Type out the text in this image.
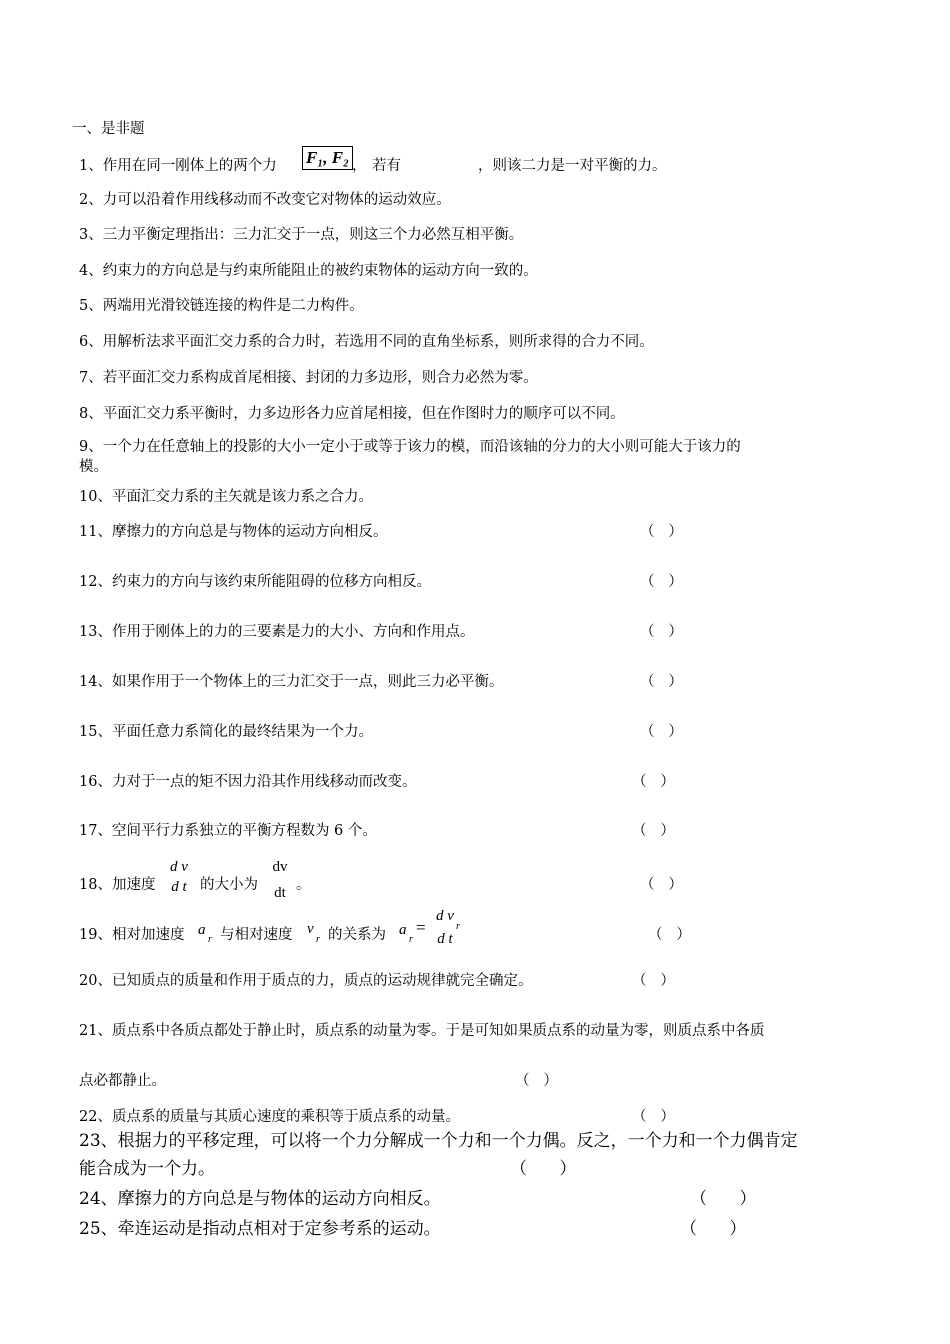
一、是非题
1、作用在同一刚体上的两个力 F₁, F₂ ， 若有	，则该二力是一对平衡的力。
2、力可以沿着作用线移动而不改变它对物体的运动效应。
3、三力平衡定理指出：三力汇交于一点，则这三个力必然互相平衡。
4、约束力的方向总是与约束所能阻止的被约束物体的运动方向一致的。
5、两端用光滑铰链连接的构件是二力构件。
6、用解析法求平面汇交力系的合力时，若选用不同的直角坐标系，则所求得的合力不同。
7、若平面汇交力系构成首尾相接、封闭的力多边形，则合力必然为零。
8、平面汇交力系平衡时，力多边形各力应首尾相接，但在作图时力的顺序可以不同。
9、一个力在任意轴上的投影的大小一定小于或等于该力的模，而沿该轴的分力的大小则可能大于该力的
模。
10、平面汇交力系的主矢就是该力系之合力。
11、摩擦力的方向总是与物体的运动方向相反。	（   ）
12、约束力的方向与该约束所能阻碍的位移方向相反。	（   ）
13、作用于刚体上的力的三要素是力的大小、方向和作用点。	（   ）
14、如果作用于一个物体上的三力汇交于一点，则此三力必平衡。	（   ）
15、平面任意力系简化的最终结果为一个力。	（   ）
16、力对于一点的矩不因力沿其作用线移动而改变。	（   ）
17、空间平行力系独立的平衡方程数为 6 个。	（   ）
18、加速度
d v
d t 的大小为
dv
dt 。	（   ）
19、相对加速度 a
r 与相对速度 v
r 的关系为 a
r
=
d v
d t
r
（   ）
20、已知质点的质量和作用于质点的力，质点的运动规律就完全确定。	（   ）
21、质点系中各质点都处于静止时，质点系的动量为零。于是可知如果质点系的动量为零，则质点系中各质
点必都静止。	（   ）
22、质点系的质量与其质心速度的乘积等于质点系的动量。	（   ）
23、根据力的平移定理，可以将一个力分解成一个力和一个力偶。反之，一个力和一个力偶肯定
能合成为一个力。	（      ）
24、摩擦力的方向总是与物体的运动方向相反。	（      ）
25、牵连运动是指动点相对于定参考系的运动。	（      ）
